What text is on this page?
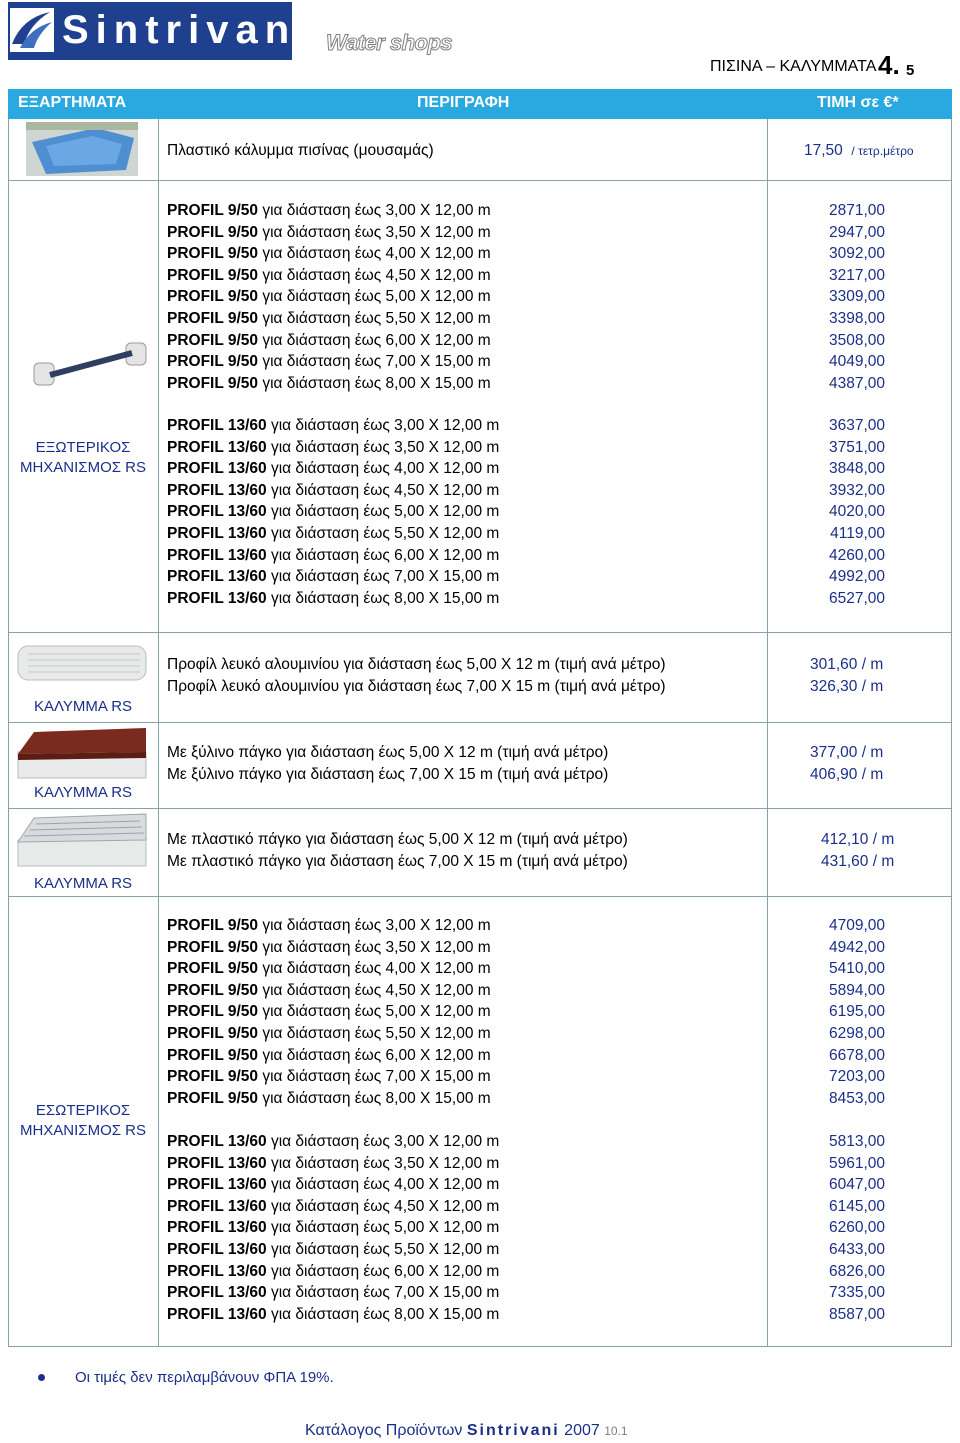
Sintrivani Water shops
ΠΙΣΙΝΑ – ΚΑΛΥΜΜΑΤΑ 4. 5
ΕΞΑΡΤΗΜΑΤΑ	ΠΕΡΙΓΡΑΦΗ	ΤΙΜΗ σε €*
Πλαστικό κάλυμμα πισίνας (μουσαμάς)	17,50 / τετρ.μέτρο
ΕΞΩΤΕΡΙΚΟΣ
ΜΗΧΑΝΙΣΜΟΣ RS
PROFIL 9/50 για διάσταση έως 3,00 Χ 12,00 m	2871,00
PROFIL 9/50 για διάσταση έως 3,50 Χ 12,00 m	2947,00
PROFIL 9/50 για διάσταση έως 4,00 Χ 12,00 m	3092,00
PROFIL 9/50 για διάσταση έως 4,50 Χ 12,00 m	3217,00
PROFIL 9/50 για διάσταση έως 5,00 Χ 12,00 m	3309,00
PROFIL 9/50 για διάσταση έως 5,50 Χ 12,00 m	3398,00
PROFIL 9/50 για διάσταση έως 6,00 Χ 12,00 m	3508,00
PROFIL 9/50 για διάσταση έως 7,00 Χ 15,00 m	4049,00
PROFIL 9/50 για διάσταση έως 8,00 Χ 15,00 m	4387,00
PROFIL 13/60 για διάσταση έως 3,00 Χ 12,00 m	3637,00
PROFIL 13/60 για διάσταση έως 3,50 Χ 12,00 m	3751,00
PROFIL 13/60 για διάσταση έως 4,00 Χ 12,00 m	3848,00
PROFIL 13/60 για διάσταση έως 4,50 Χ 12,00 m	3932,00
PROFIL 13/60 για διάσταση έως 5,00 Χ 12,00 m	4020,00
PROFIL 13/60 για διάσταση έως 5,50 Χ 12,00 m	4119,00
PROFIL 13/60 για διάσταση έως 6,00 Χ 12,00 m	4260,00
PROFIL 13/60 για διάσταση έως 7,00 Χ 15,00 m	4992,00
PROFIL 13/60 για διάσταση έως 8,00 Χ 15,00 m	6527,00
ΚΑΛΥΜΜΑ RS
Προφίλ λευκό αλουμινίου για διάσταση έως 5,00 Χ 12 m (τιμή ανά μέτρο)	301,60 / m
Προφίλ λευκό αλουμινίου για διάσταση έως 7,00 Χ 15 m (τιμή ανά μέτρο)	326,30 / m
ΚΑΛΥΜΜΑ RS
Με ξύλινο πάγκο για διάσταση έως 5,00 Χ 12 m (τιμή ανά μέτρο)	377,00 / m
Με ξύλινο πάγκο για διάσταση έως 7,00 Χ 15 m (τιμή ανά μέτρο)	406,90 / m
ΚΑΛΥΜΜΑ RS
Με πλαστικό πάγκο για διάσταση έως 5,00 Χ 12 m (τιμή ανά μέτρο)	412,10 / m
Με πλαστικό πάγκο για διάσταση έως 7,00 Χ 15 m (τιμή ανά μέτρο)	431,60 / m
ΕΣΩΤΕΡΙΚΟΣ
ΜΗΧΑΝΙΣΜΟΣ RS
PROFIL 9/50 για διάσταση έως 3,00 Χ 12,00 m	4709,00
PROFIL 9/50 για διάσταση έως 3,50 Χ 12,00 m	4942,00
PROFIL 9/50 για διάσταση έως 4,00 Χ 12,00 m	5410,00
PROFIL 9/50 για διάσταση έως 4,50 Χ 12,00 m	5894,00
PROFIL 9/50 για διάσταση έως 5,00 Χ 12,00 m	6195,00
PROFIL 9/50 για διάσταση έως 5,50 Χ 12,00 m	6298,00
PROFIL 9/50 για διάσταση έως 6,00 Χ 12,00 m	6678,00
PROFIL 9/50 για διάσταση έως 7,00 Χ 15,00 m	7203,00
PROFIL 9/50 για διάσταση έως 8,00 Χ 15,00 m	8453,00
PROFIL 13/60 για διάσταση έως 3,00 Χ 12,00 m	5813,00
PROFIL 13/60 για διάσταση έως 3,50 Χ 12,00 m	5961,00
PROFIL 13/60 για διάσταση έως 4,00 Χ 12,00 m	6047,00
PROFIL 13/60 για διάσταση έως 4,50 Χ 12,00 m	6145,00
PROFIL 13/60 για διάσταση έως 5,00 Χ 12,00 m	6260,00
PROFIL 13/60 για διάσταση έως 5,50 Χ 12,00 m	6433,00
PROFIL 13/60 για διάσταση έως 6,00 Χ 12,00 m	6826,00
PROFIL 13/60 για διάσταση έως 7,00 Χ 15,00 m	7335,00
PROFIL 13/60 για διάσταση έως 8,00 Χ 15,00 m	8587,00
Οι τιμές δεν περιλαμβάνουν ΦΠΑ 19%.
Κατάλογος Προϊόντων Sintrivani 2007 10.1
